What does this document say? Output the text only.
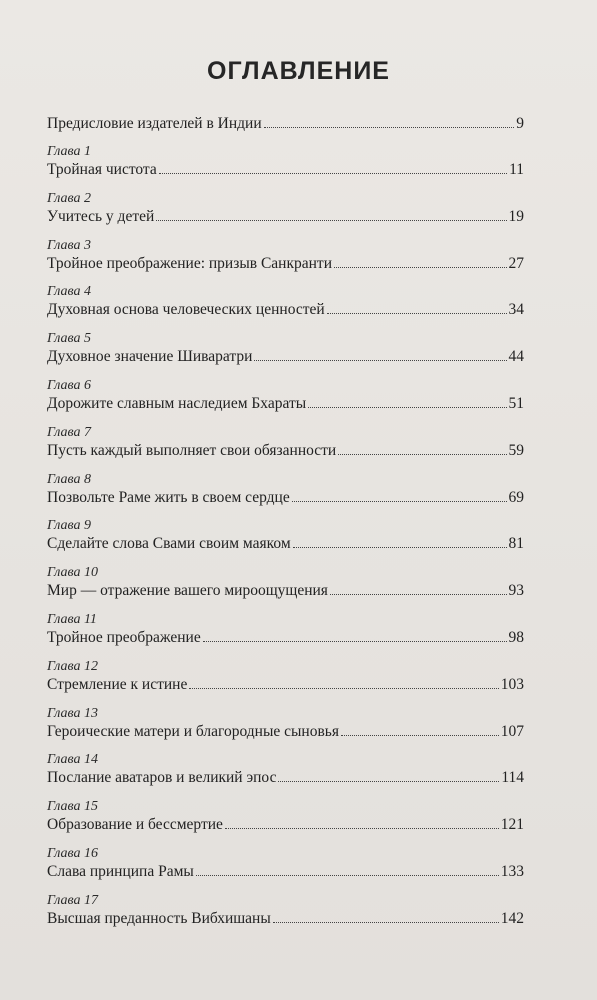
ОГЛАВЛЕНИЕ
Предисловие издателей в Индии	9
Глава 1
Тройная чистота	11
Глава 2
Учитесь у детей	19
Глава 3
Тройное преображение: призыв Санкранти	27
Глава 4
Духовная основа человеческих ценностей	34
Глава 5
Духовное значение Шиваратри	44
Глава 6
Дорожите славным наследием Бхараты	51
Глава 7
Пусть каждый выполняет свои обязанности	59
Глава 8
Позвольте Раме жить в своем сердце	69
Глава 9
Сделайте слова Свами своим маяком	81
Глава 10
Мир — отражение вашего мироощущения	93
Глава 11
Тройное преображение	98
Глава 12
Стремление к истине	103
Глава 13
Героические матери и благородные сыновья	107
Глава 14
Послание аватаров и великий эпос	114
Глава 15
Образование и бессмертие	121
Глава 16
Слава принципа Рамы	133
Глава 17
Высшая преданность Вибхишаны	142
